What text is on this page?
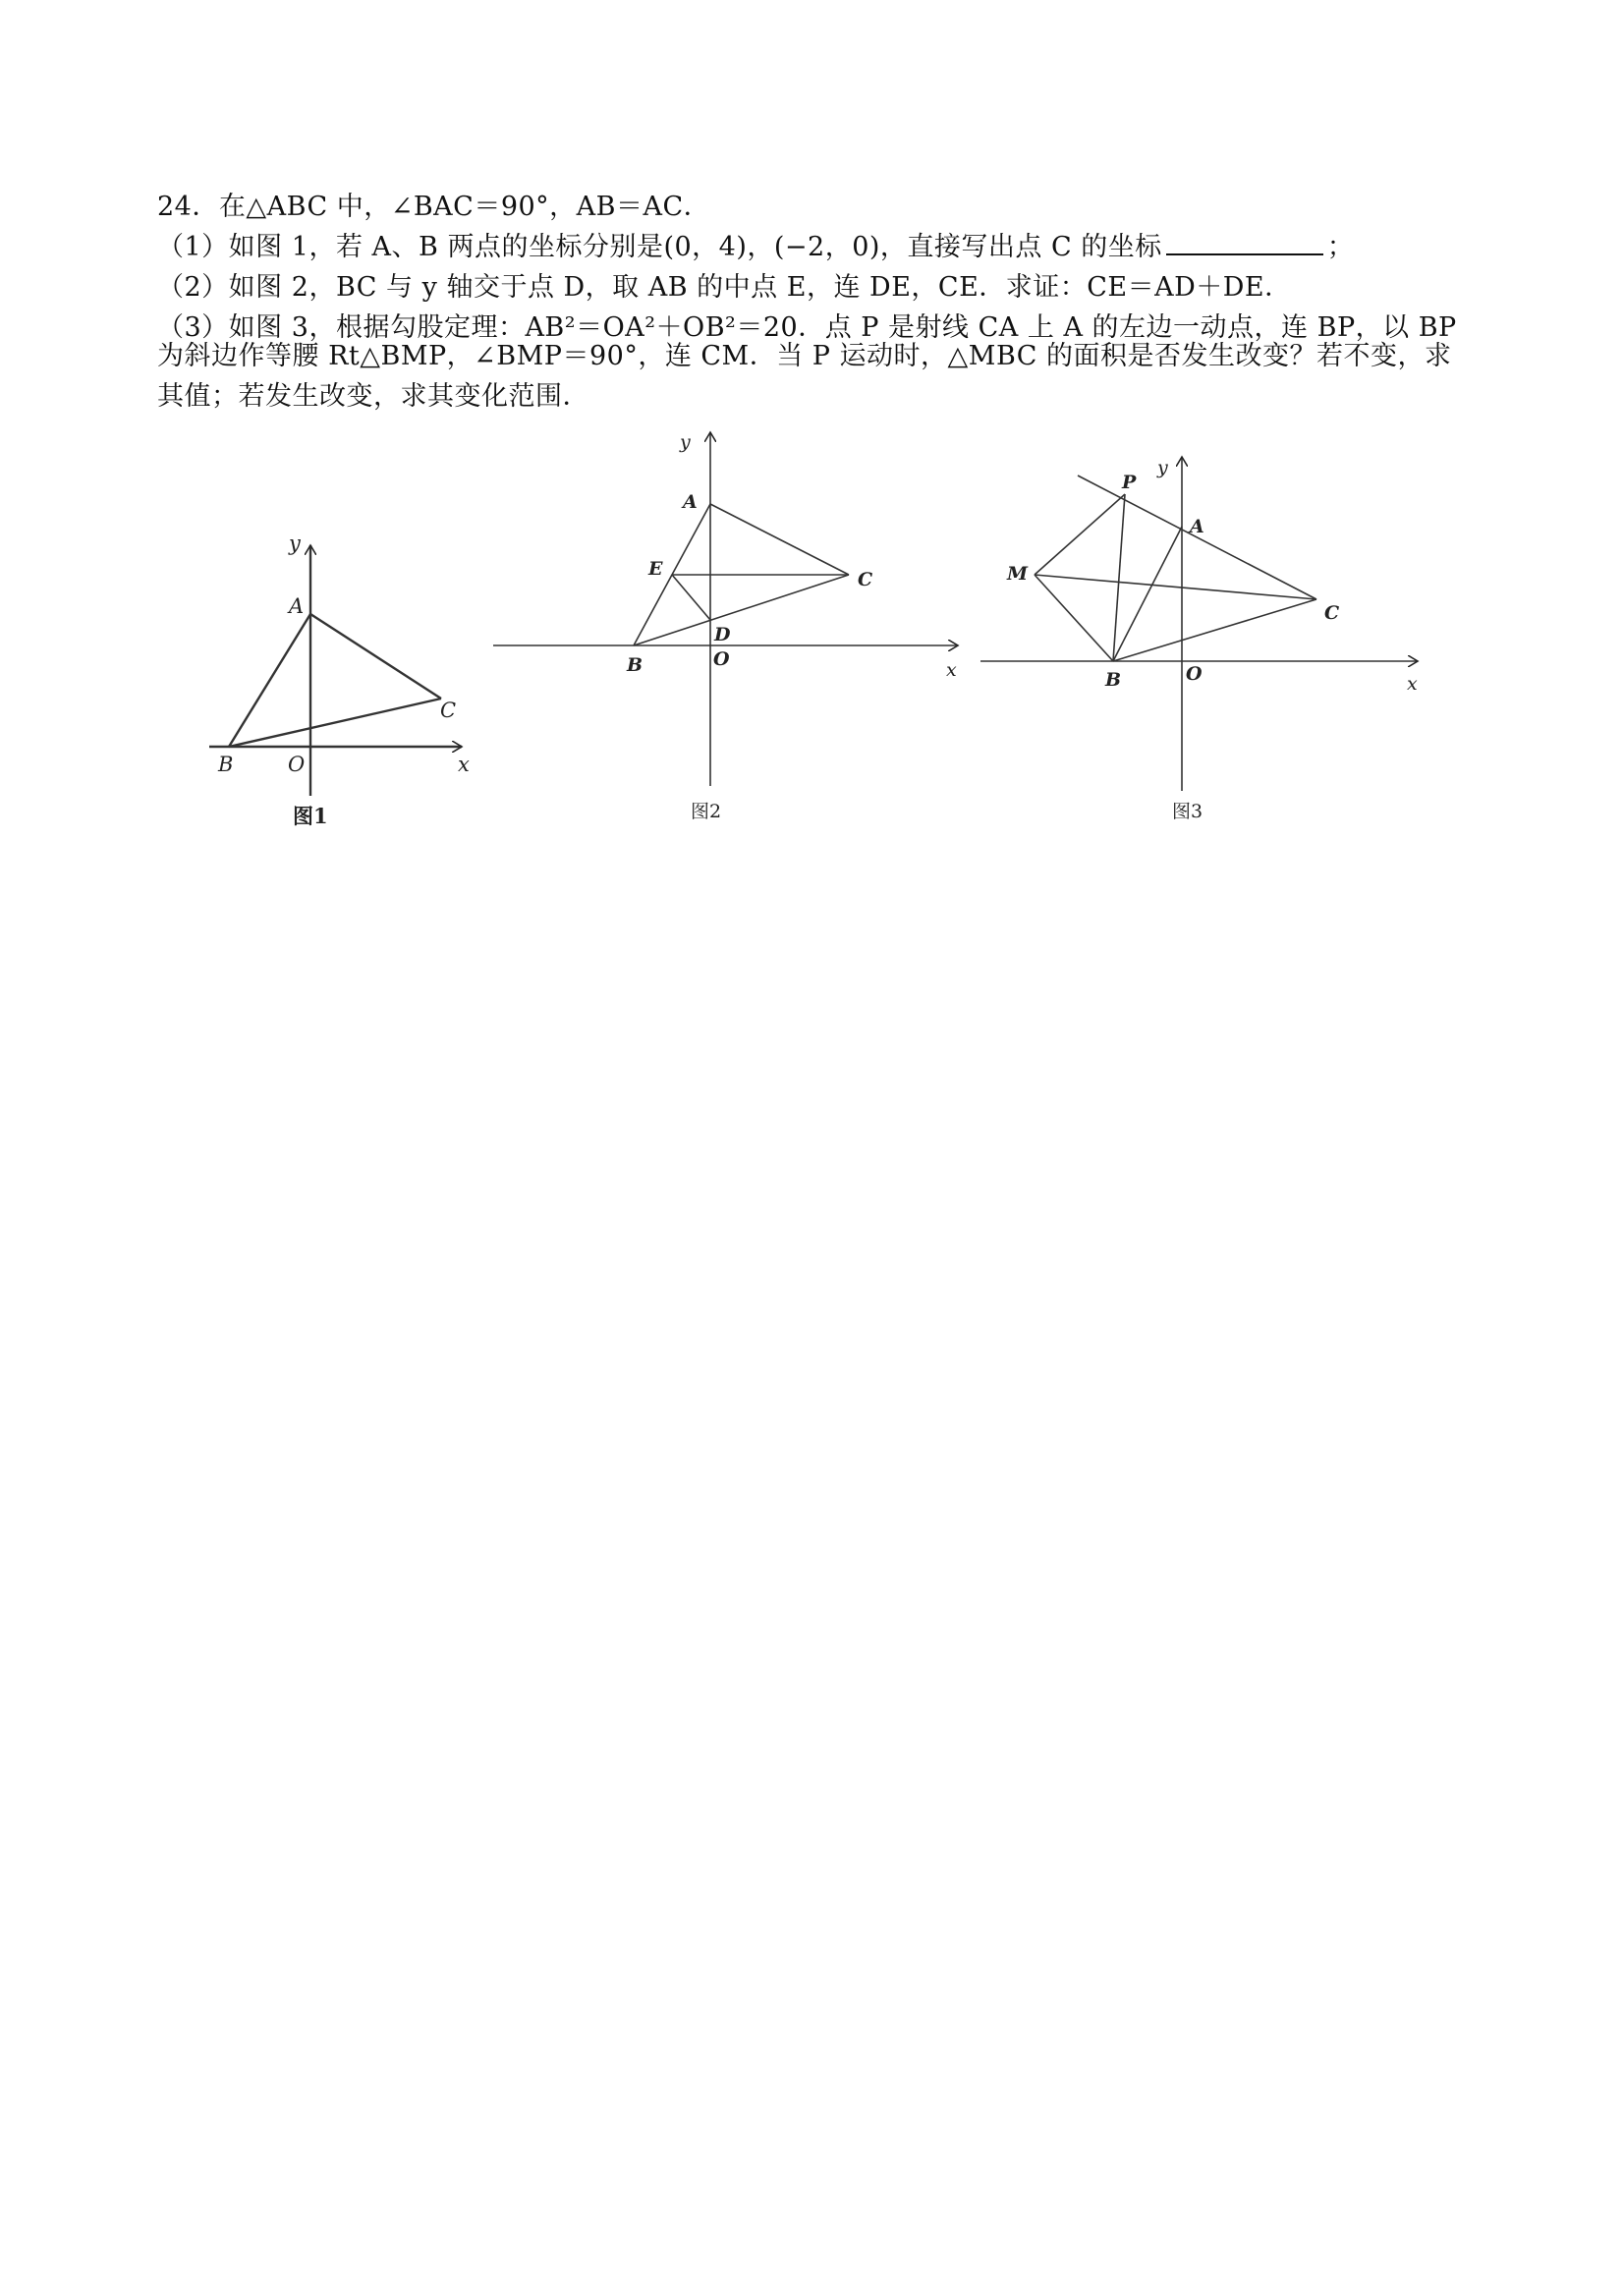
24．在△ABC 中，∠BAC＝90°，AB＝AC．
（1）如图 1，若 A、B 两点的坐标分别是(0，4)，(−2，0)，直接写出点 C 的坐标	；
（2）如图 2，BC 与 y 轴交于点 D，取 AB 的中点 E，连 DE，CE．求证：CE＝AD＋DE．
（3）如图 3，根据勾股定理：AB²＝OA²＋OB²＝20．点 P 是射线 CA 上 A 的左边一动点，连 BP，以 BP
为斜边作等腰 Rt△BMP，∠BMP＝90°，连 CM．当 P 运动时，△MBC 的面积是否发生改变？若不变，求
其值；若发生改变，求其变化范围．
y
A
C
B	O	x
图1
y
A
E	C
D
B	O	x
图2
y
P
A
M
C
B	O	x
图3
